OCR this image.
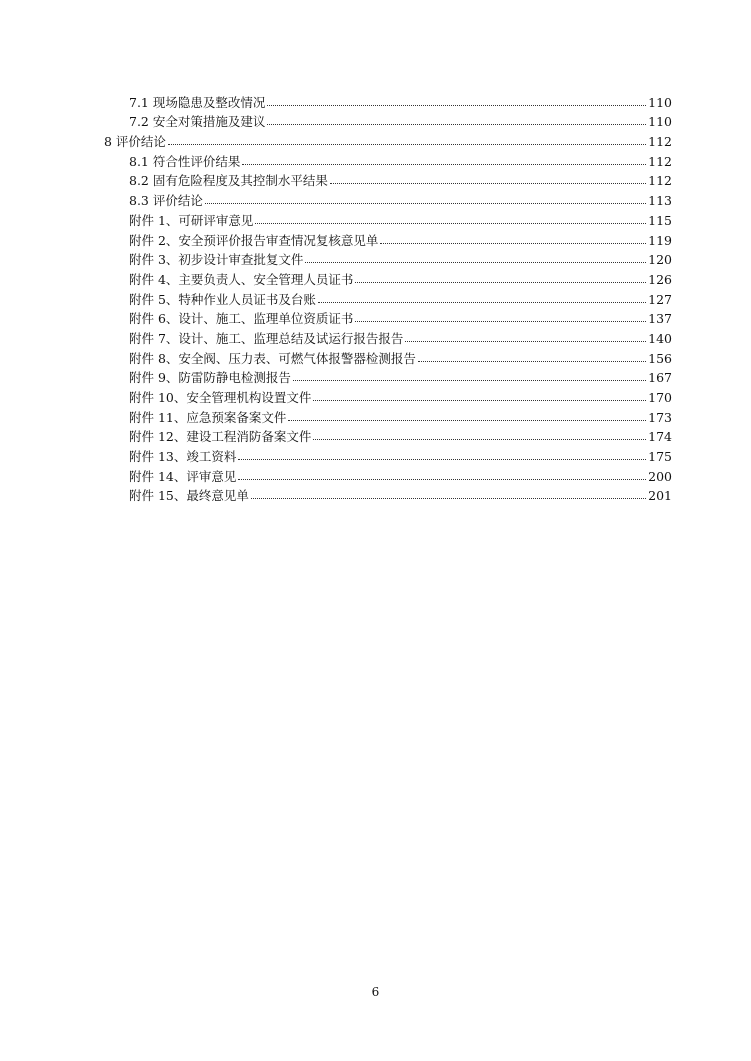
7.1 现场隐患及整改情况	110
7.2 安全对策措施及建议	110
8 评价结论	112
8.1 符合性评价结果	112
8.2 固有危险程度及其控制水平结果	112
8.3 评价结论	113
附件 1、可研评审意见	115
附件 2、安全预评价报告审查情况复核意见单	119
附件 3、初步设计审查批复文件	120
附件 4、主要负责人、安全管理人员证书	126
附件 5、特种作业人员证书及台账	127
附件 6、设计、施工、监理单位资质证书	137
附件 7、设计、施工、监理总结及试运行报告报告	140
附件 8、安全阀、压力表、可燃气体报警器检测报告	156
附件 9、防雷防静电检测报告	167
附件 10、安全管理机构设置文件	170
附件 11、应急预案备案文件	173
附件 12、建设工程消防备案文件	174
附件 13、竣工资料	175
附件 14、评审意见	200
附件 15、最终意见单	201
6
